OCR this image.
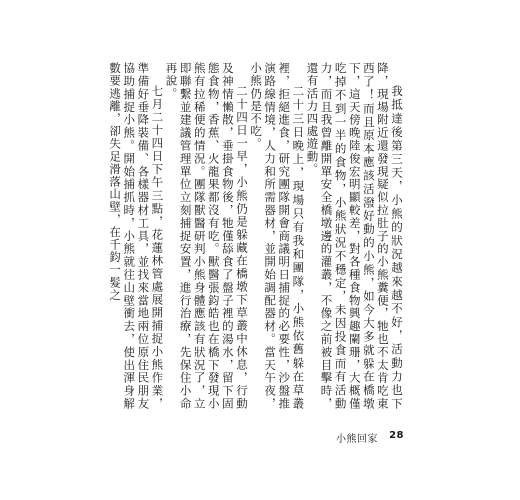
我抵達後第三天，小熊的狀況越來越不好，活動力也下降，現場附近還發現疑似拉肚子的小熊糞便，牠也不太肯吃東西了！而且原本應該活潑好動的小熊，如今大多就躲在橋墩下，這天傍晚陸俊宏明顯較差，對各種食物興趣闌珊，大概僅吃掉不到一半的食物，小熊狀況不穩定，未因投食而有活動力，而且我曾離開單安全橋墩邊的灌叢，不像之前被目擊時，還有活力四處遊動。

二十三日晚上，現場只有我和團隊，小熊依舊躲在草叢裡，拒絕進食，研究團隊開會商議明日捕捉的必要性，沙盤推演路線情境，人力和所需器材，並開始調配器材。當天午夜，小熊仍是不吃。

二十四日一早，小熊仍是躲藏在橋墩下草叢中休息，行動及神情懶散，垂掛食物後，牠僅舔食了盤子裡的湯水，留下固態食物，香蕉、火龍果都沒有吃。獸醫張鈞皓也在橋下發現小熊有拉稀便的情況。團隊獸醫研判小熊身體應該有狀況了，立即聯繫並建議管理單位立刻捕捉安置，進行治療，先保住小命再說。

七月二十四日下午三點，花蓮林管處展開捕捉小熊作業，準備好垂降裝備、各樣器材工具，並找來當地兩位原住民朋友協助捕捉小熊。開始捕抓時，小熊就往山壁衝去，使出渾身解數要逃離，卻失足滑落山壁，在千鈞一髮之

小熊回家 28
